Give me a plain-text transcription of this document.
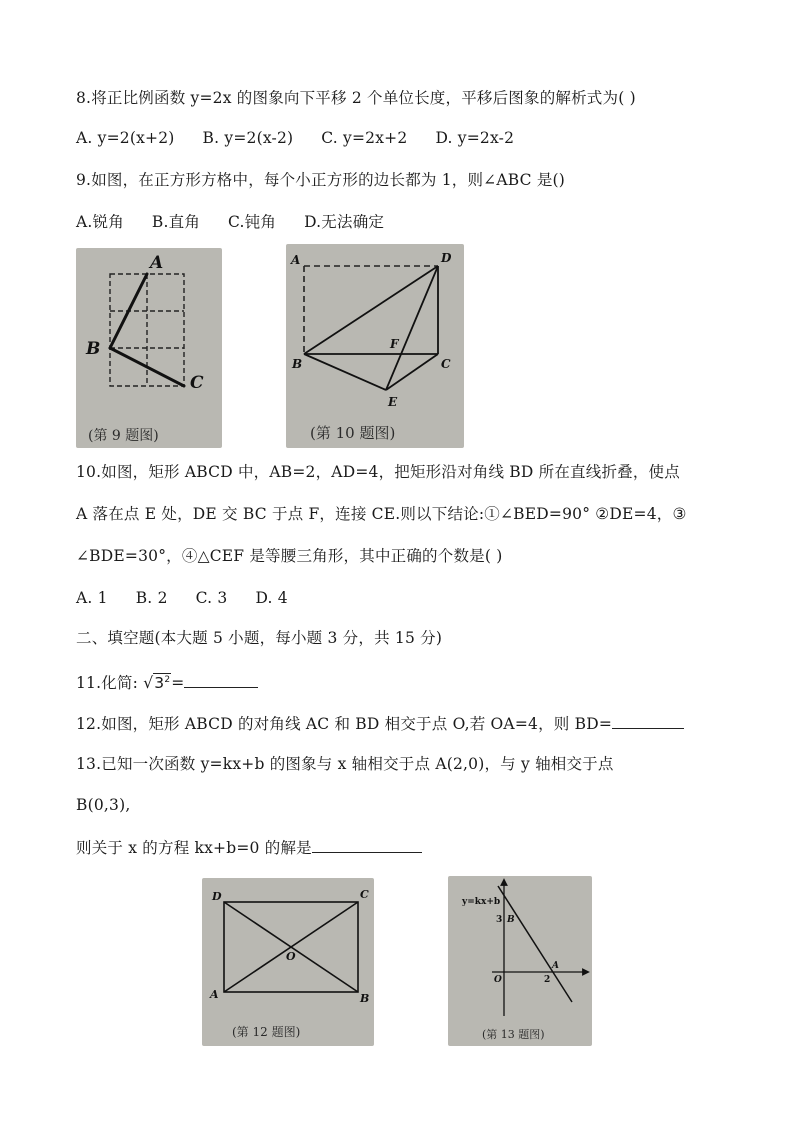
8.将正比例函数 y=2x 的图象向下平移 2 个单位长度，平移后图象的解析式为( )
A. y=2(x+2) B. y=2(x-2) C. y=2x+2 D. y=2x-2
9.如图，在正方形方格中，每个小正方形的边长都为 1，则∠ABC 是()
A.锐角 B.直角 C.钝角 D.无法确定
A
B
C
(第 9 题图)
A
B	C
D
E
F
(第 10 题图)
10.如图，矩形 ABCD 中，AB=2，AD=4，把矩形沿对角线 BD 所在直线折叠，使点
A 落在点 E 处，DE 交 BC 于点 F，连接 CE.则以下结论:①∠BED=90° ②DE=4，③
∠BDE=30°，④△CEF 是等腰三角形，其中正确的个数是( )
A. 1 B. 2 C. 3 D. 4
二、填空题(本大题 5 小题，每小题 3 分，共 15 分)
11.化简: $√3^2=$
12.如图，矩形 ABCD 的对角线 AC 和 BD 相交于点 O,若 OA=4，则 BD=
13.已知一次函数 y=kx+b 的图象与 x 轴相交于点 A(2,0)，与 y 轴相交于点
B(0,3),
则关于 x 的方程 kx+b=0 的解是
D	C
A	B
O
(第 12 题图)
y=kx+b
B
3
O	2
A
(第 13 题图)
